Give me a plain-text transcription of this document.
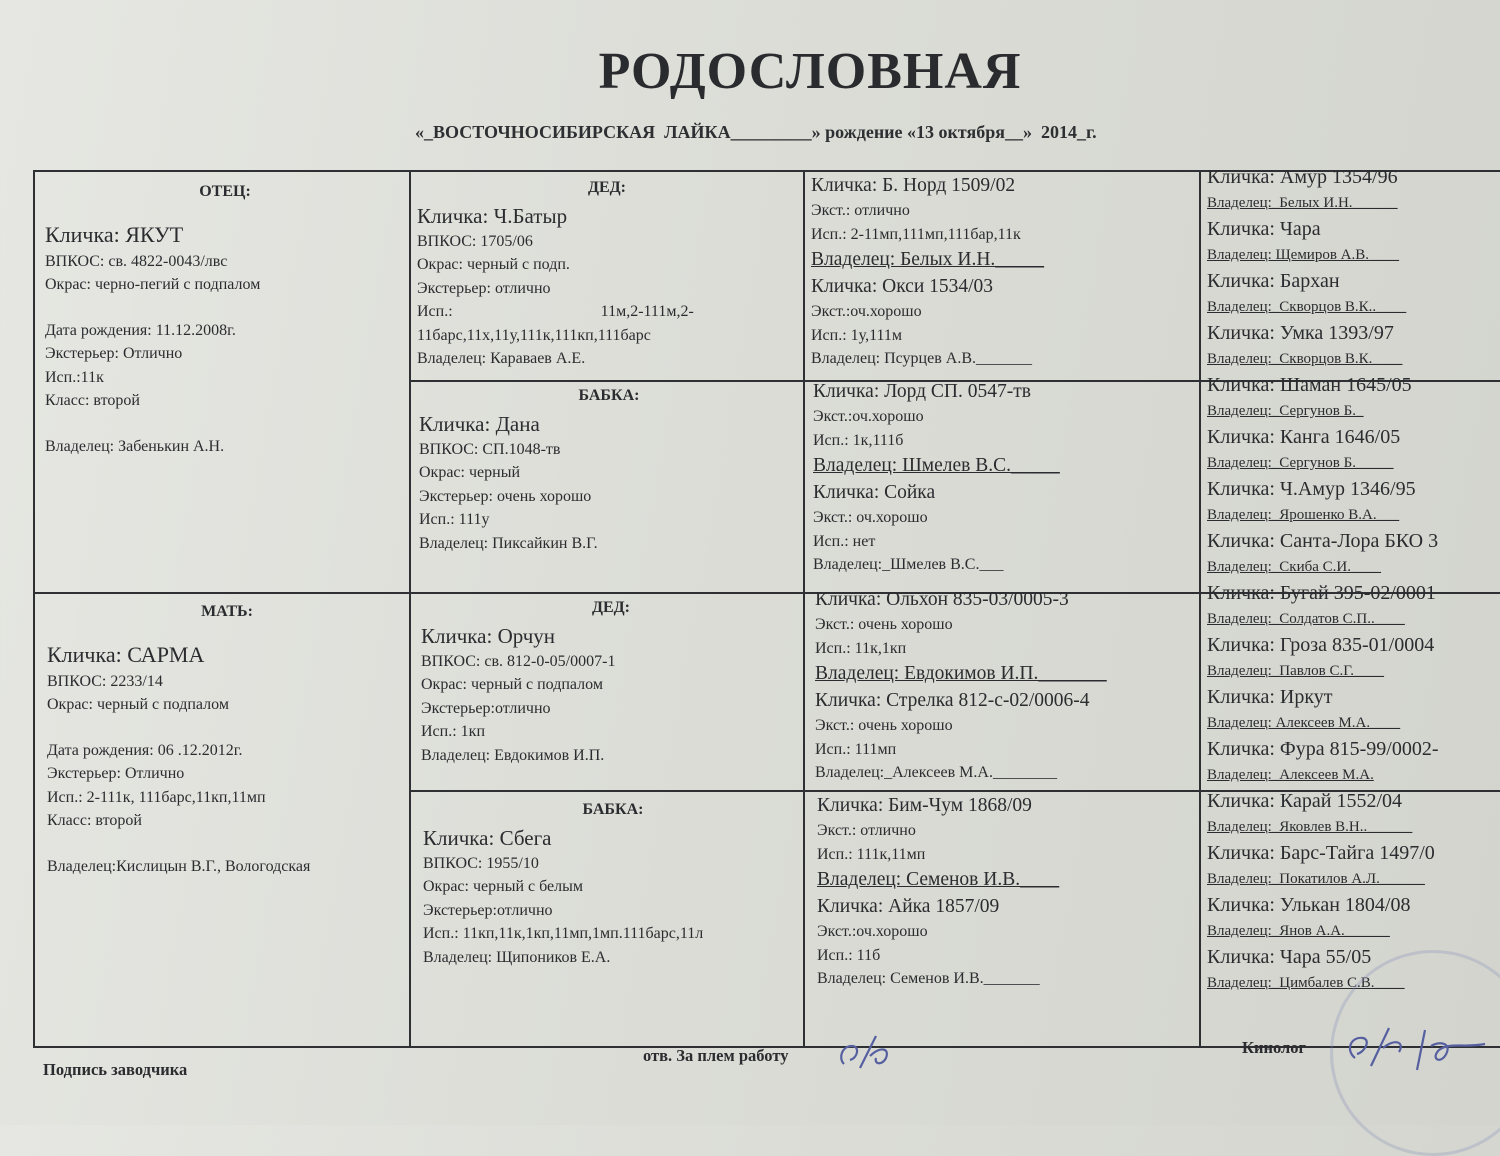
РОДОСЛОВНАЯ
«_ВОСТОЧНОСИБИРСКАЯ  ЛАЙКА_________» рождение «13 октября__»  2014_г.
ОТЕЦ:
Кличка: ЯКУТ
ВПКОС: св. 4822-0043/лвс
Окрас: черно-пегий с подпалом
Дата рождения: 11.12.2008г.
Экстерьер: Отлично
Исп.:11к
Класс: второй
Владелец: Забенькин А.Н.
МАТЬ:
Кличка: САРМА
ВПКОС: 2233/14
Окрас: черный с подпалом
Дата рождения: 06 .12.2012г.
Экстерьер: Отлично
Исп.: 2-111к, 111барс,11кп,11мп
Класс: второй
Владелец:Кислицын В.Г., Вологодская
ДЕД:
Кличка: Ч.Батыр
ВПКОС: 1705/06
Окрас: черный с подп.
Экстерьер: отлично
Исп.:                                     11м,2-111м,2-
11барс,11х,11у,111к,111кп,111барс
Владелец: Караваев А.Е.
БАБКА:
Кличка: Дана
ВПКОС: СП.1048-тв
Окрас: черный
Экстерьер: очень хорошо
Исп.: 111у
Владелец: Пиксайкин В.Г.
ДЕД:
Кличка: Орчун
ВПКОС: св. 812-0-05/0007-1
Окрас: черный с подпалом
Экстерьер:отлично
Исп.: 1кп
Владелец: Евдокимов И.П.
БАБКА:
Кличка: Сбега
ВПКОС: 1955/10
Окрас: черный с белым
Экстерьер:отлично
Исп.: 11кп,11к,1кп,11мп,1мп.111барс,11л
Владелец: Щипоников Е.А.
Кличка: Б. Норд 1509/02
Экст.: отлично
Исп.: 2-11мп,111мп,111бар,11к
Владелец: Белых И.Н._____
Кличка: Окси 1534/03
Экст.:оч.хорошо
Исп.: 1у,111м
Владелец: Псурцев А.В._______
Кличка: Лорд СП. 0547-тв
Экст.:оч.хорошо
Исп.: 1к,111б
Владелец: Шмелев В.С._____
Кличка: Сойка
Экст.: оч.хорошо
Исп.: нет
Владелец:_Шмелев В.С.___
Кличка: Ольхон 835-03/0005-3
Экст.: очень хорошо
Исп.: 11к,1кп
Владелец: Евдокимов И.П._______
Кличка: Стрелка 812-с-02/0006-4
Экст.: очень хорошо
Исп.: 111мп
Владелец:_Алексеев М.А.________
Кличка: Бим-Чум 1868/09
Экст.: отлично
Исп.: 111к,11мп
Владелец: Семенов И.В.____
Кличка: Айка 1857/09
Экст.:оч.хорошо
Исп.: 11б
Владелец: Семенов И.В._______
Кличка: Амур 1354/96
Владелец:_Белых И.Н.______
Кличка: Чара
Владелец: Щемиров А.В.____
Кличка: Бархан
Владелец:_Скворцов В.К..____
Кличка: Умка 1393/97
Владелец:_Скворцов В.К.____
Кличка: Шаман 1645/05
Владелец:_Сергунов Б._
Кличка: Канга 1646/05
Владелец:_Сергунов Б._____
Кличка: Ч.Амур 1346/95
Владелец:_Ярошенко В.А.___
Кличка: Санта-Лора БКО 3
Владелец:_Скиба С.И.____
Кличка: Бугай 395-02/0001
Владелец:_Солдатов С.П..____
Кличка: Гроза 835-01/0004
Владелец:_Павлов С.Г.____
Кличка: Иркут
Владелец: Алексеев М.А.____
Кличка: Фура 815-99/0002-
Владелец:_Алексеев М.А.
Кличка: Карай 1552/04
Владелец:_Яковлев В.Н..______
Кличка: Барс-Тайга 1497/0
Владелец:_Покатилов А.Л.______
Кличка: Улькан 1804/08
Владелец:_Янов А.А.______
Кличка: Чара 55/05
Владелец:_Цимбалев С.В.____
Подпись заводчика
отв. За плем работу	Кинолог
